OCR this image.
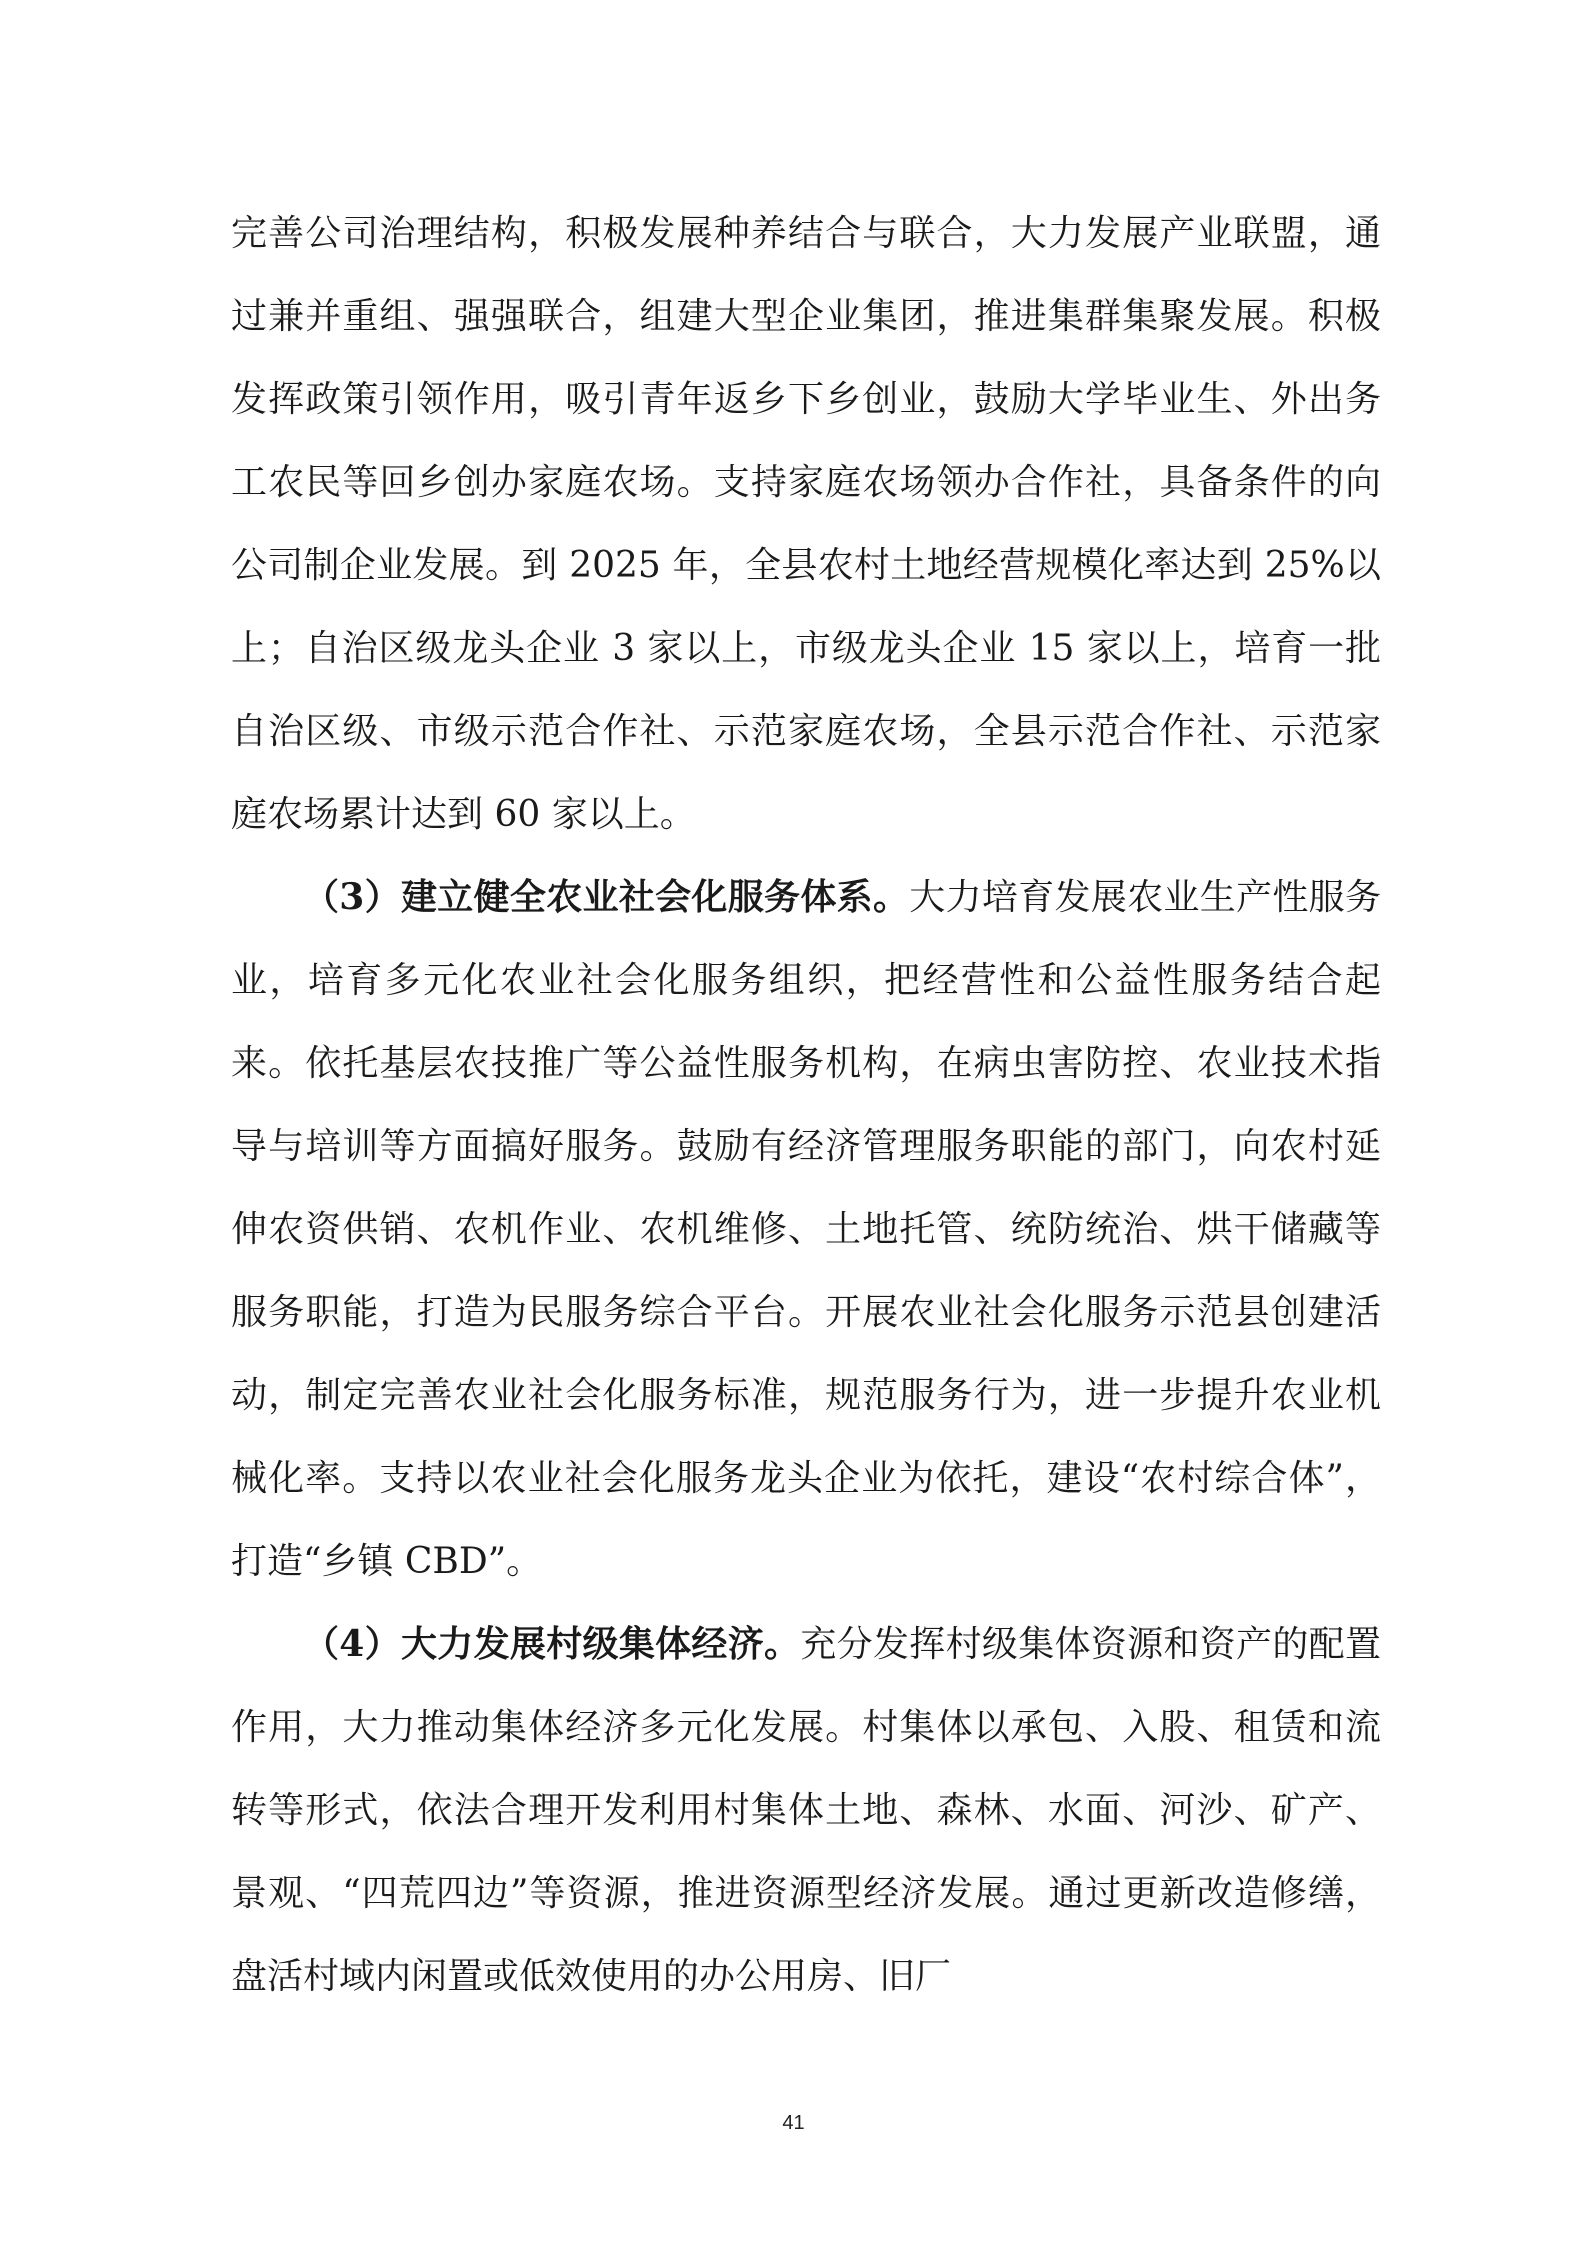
完善公司治理结构，积极发展种养结合与联合，大力发展产业联盟，通过兼并重组、强强联合，组建大型企业集团，推进集群集聚发展。积极发挥政策引领作用，吸引青年返乡下乡创业，鼓励大学毕业生、外出务工农民等回乡创办家庭农场。支持家庭农场领办合作社，具备条件的向公司制企业发展。到 2025 年，全县农村土地经营规模化率达到 25%以上；自治区级龙头企业 3 家以上，市级龙头企业 15 家以上，培育一批自治区级、市级示范合作社、示范家庭农场，全县示范合作社、示范家庭农场累计达到 60 家以上。

（3）建立健全农业社会化服务体系。大力培育发展农业生产性服务业，培育多元化农业社会化服务组织，把经营性和公益性服务结合起来。依托基层农技推广等公益性服务机构，在病虫害防控、农业技术指导与培训等方面搞好服务。鼓励有经济管理服务职能的部门，向农村延伸农资供销、农机作业、农机维修、土地托管、统防统治、烘干储藏等服务职能，打造为民服务综合平台。开展农业社会化服务示范县创建活动，制定完善农业社会化服务标准，规范服务行为，进一步提升农业机械化率。支持以农业社会化服务龙头企业为依托，建设“农村综合体”，打造“乡镇 CBD”。

（4）大力发展村级集体经济。充分发挥村级集体资源和资产的配置作用，大力推动集体经济多元化发展。村集体以承包、入股、租赁和流转等形式，依法合理开发利用村集体土地、森林、水面、河沙、矿产、景观、“四荒四边”等资源，推进资源型经济发展。通过更新改造修缮，盘活村域内闲置或低效使用的办公用房、旧厂

41
